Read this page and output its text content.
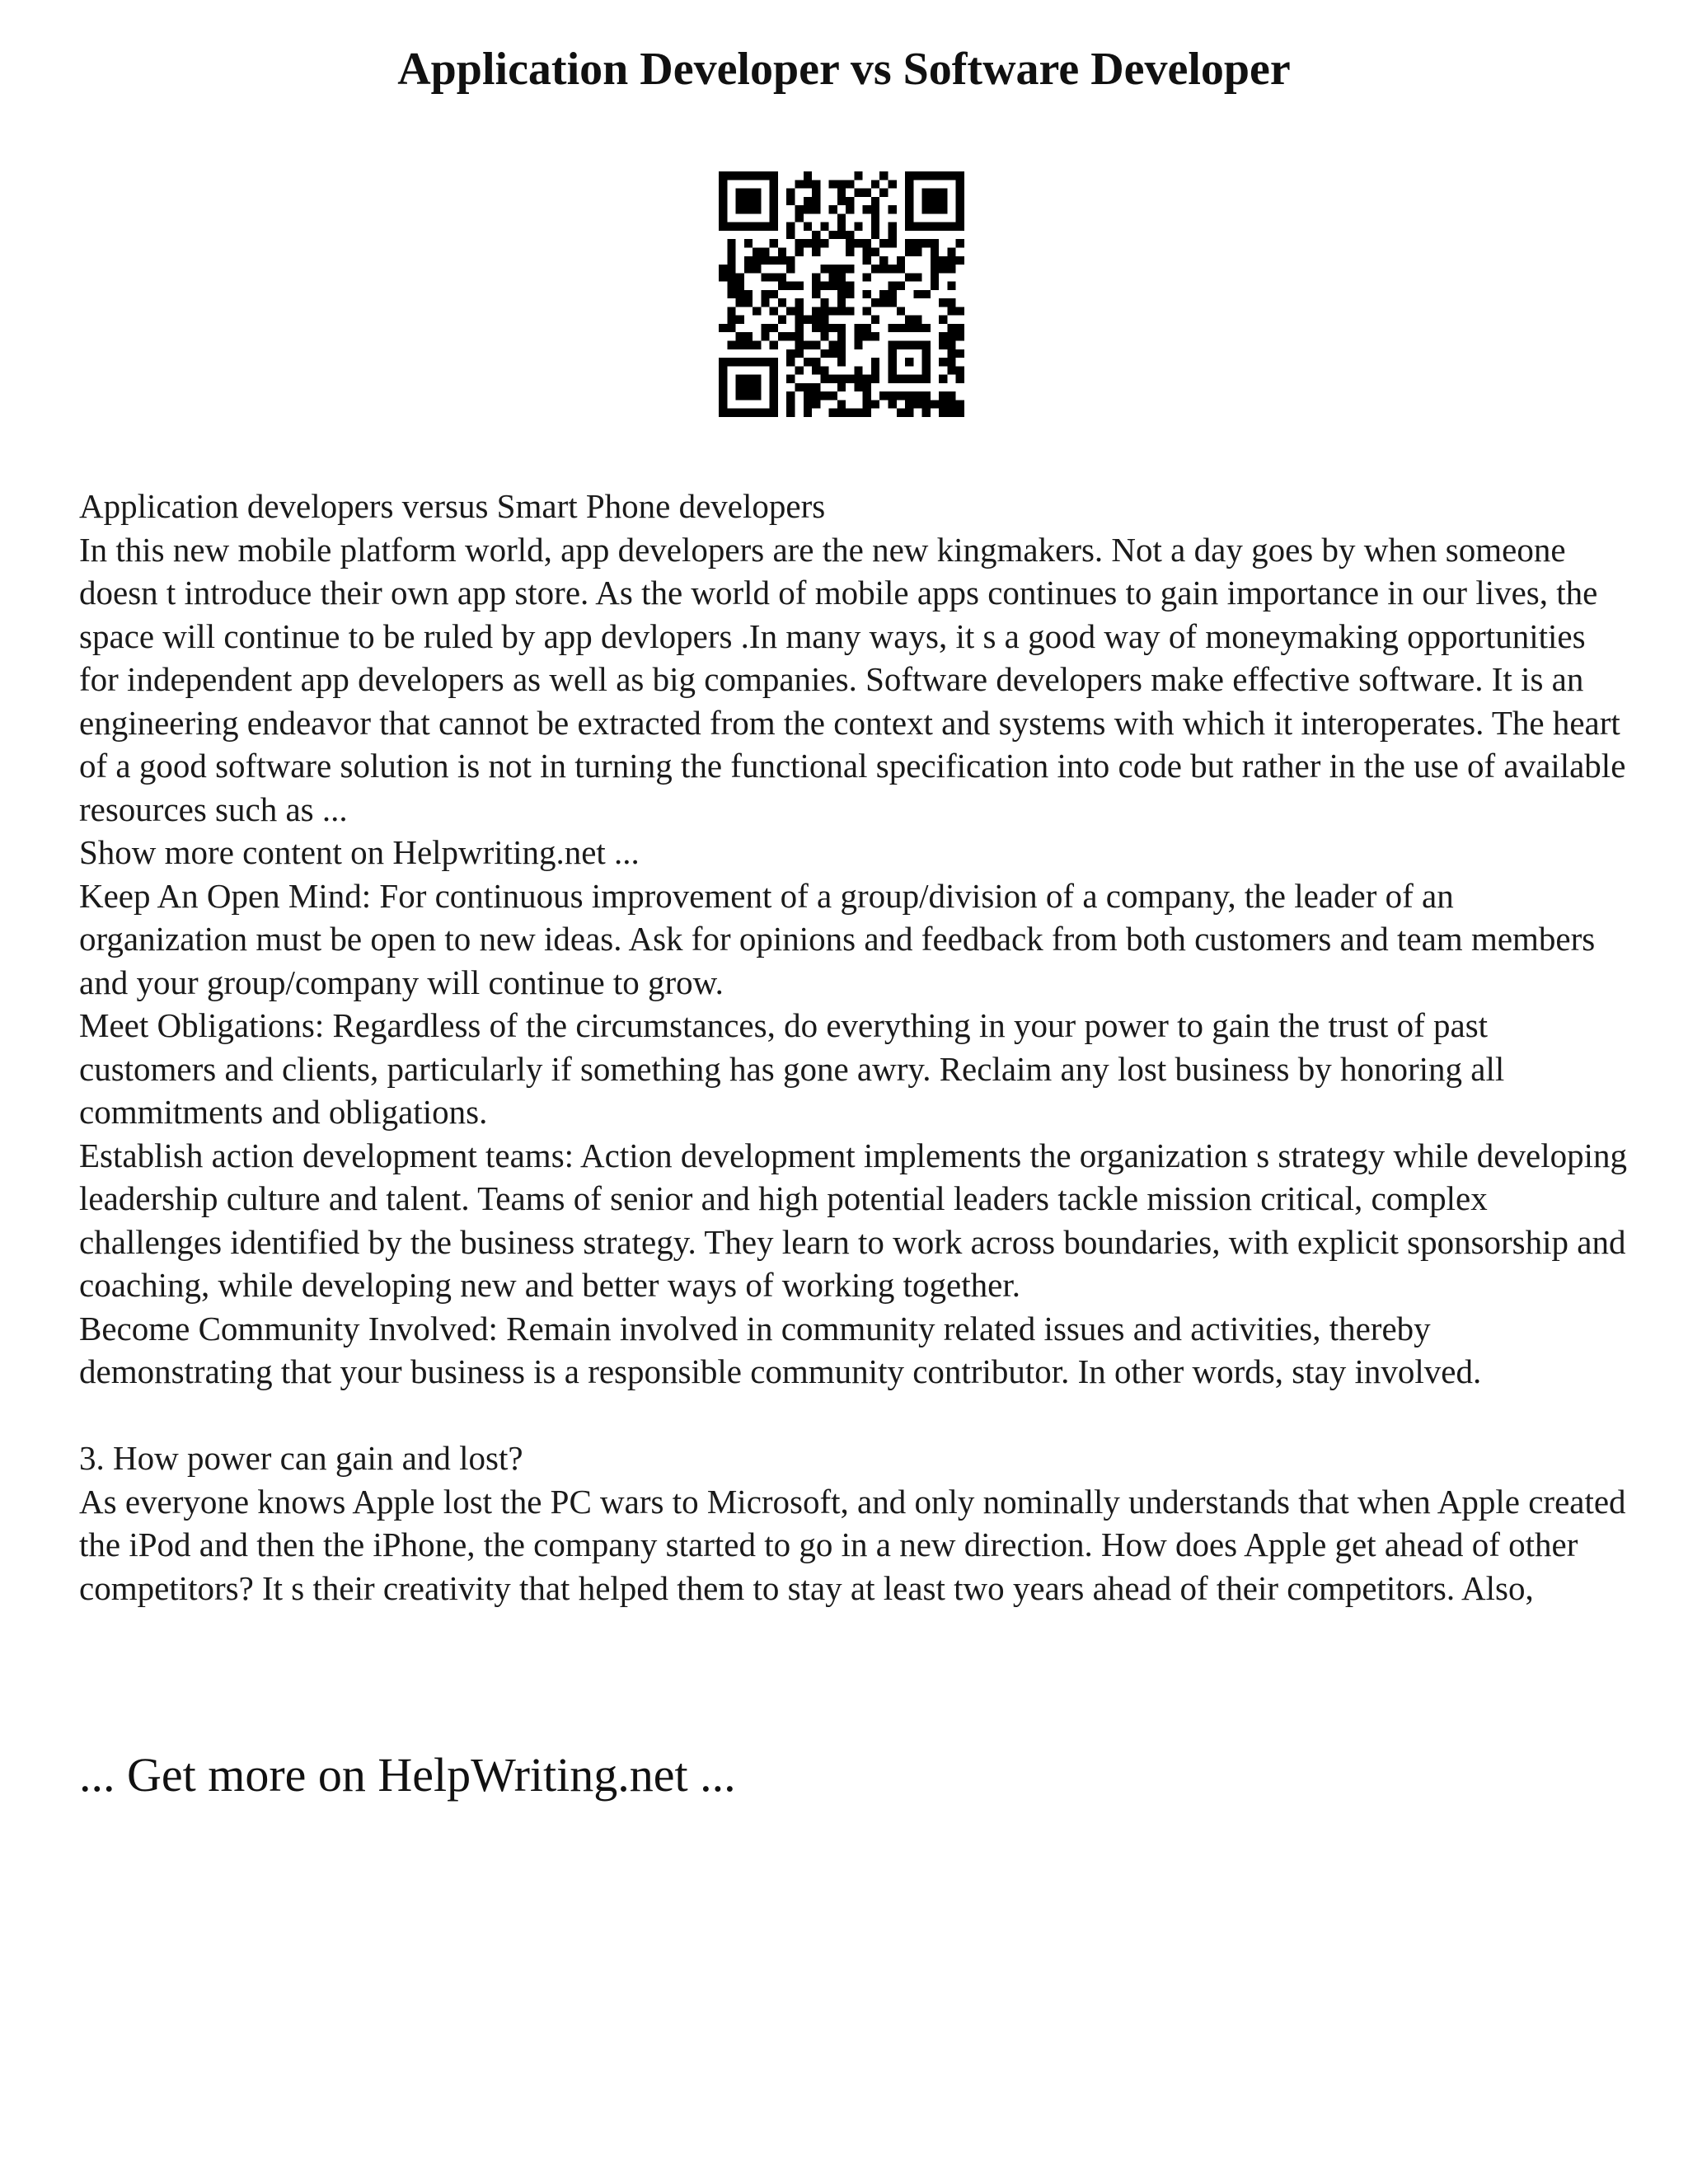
Application Developer vs Software Developer

Application developers versus Smart Phone developers

In this new mobile platform world, app developers are the new kingmakers. Not a day goes by when someone doesn t introduce their own app store. As the world of mobile apps continues to gain importance in our lives, the space will continue to be ruled by app devlopers .In many ways, it s a good way of moneymaking opportunities for independent app developers as well as big companies. Software developers make effective software. It is an engineering endeavor that cannot be extracted from the context and systems with which it interoperates. The heart of a good software solution is not in turning the functional specification into code but rather in the use of available resources such as ...

Show more content on Helpwriting.net ...

Keep An Open Mind: For continuous improvement of a group/division of a company, the leader of an organization must be open to new ideas. Ask for opinions and feedback from both customers and team members and your group/company will continue to grow.

Meet Obligations: Regardless of the circumstances, do everything in your power to gain the trust of past customers and clients, particularly if something has gone awry. Reclaim any lost business by honoring all commitments and obligations.

Establish action development teams: Action development implements the organization s strategy while developing leadership culture and talent. Teams of senior and high potential leaders tackle mission critical, complex challenges identified by the business strategy. They learn to work across boundaries, with explicit sponsorship and coaching, while developing new and better ways of working together.

Become Community Involved: Remain involved in community related issues and activities, thereby demonstrating that your business is a responsible community contributor. In other words, stay involved.

3. How power can gain and lost?

As everyone knows Apple lost the PC wars to Microsoft, and only nominally understands that when Apple created the iPod and then the iPhone, the company started to go in a new direction. How does Apple get ahead of other competitors? It s their creativity that helped them to stay at least two years ahead of their competitors. Also,

... Get more on HelpWriting.net ...
